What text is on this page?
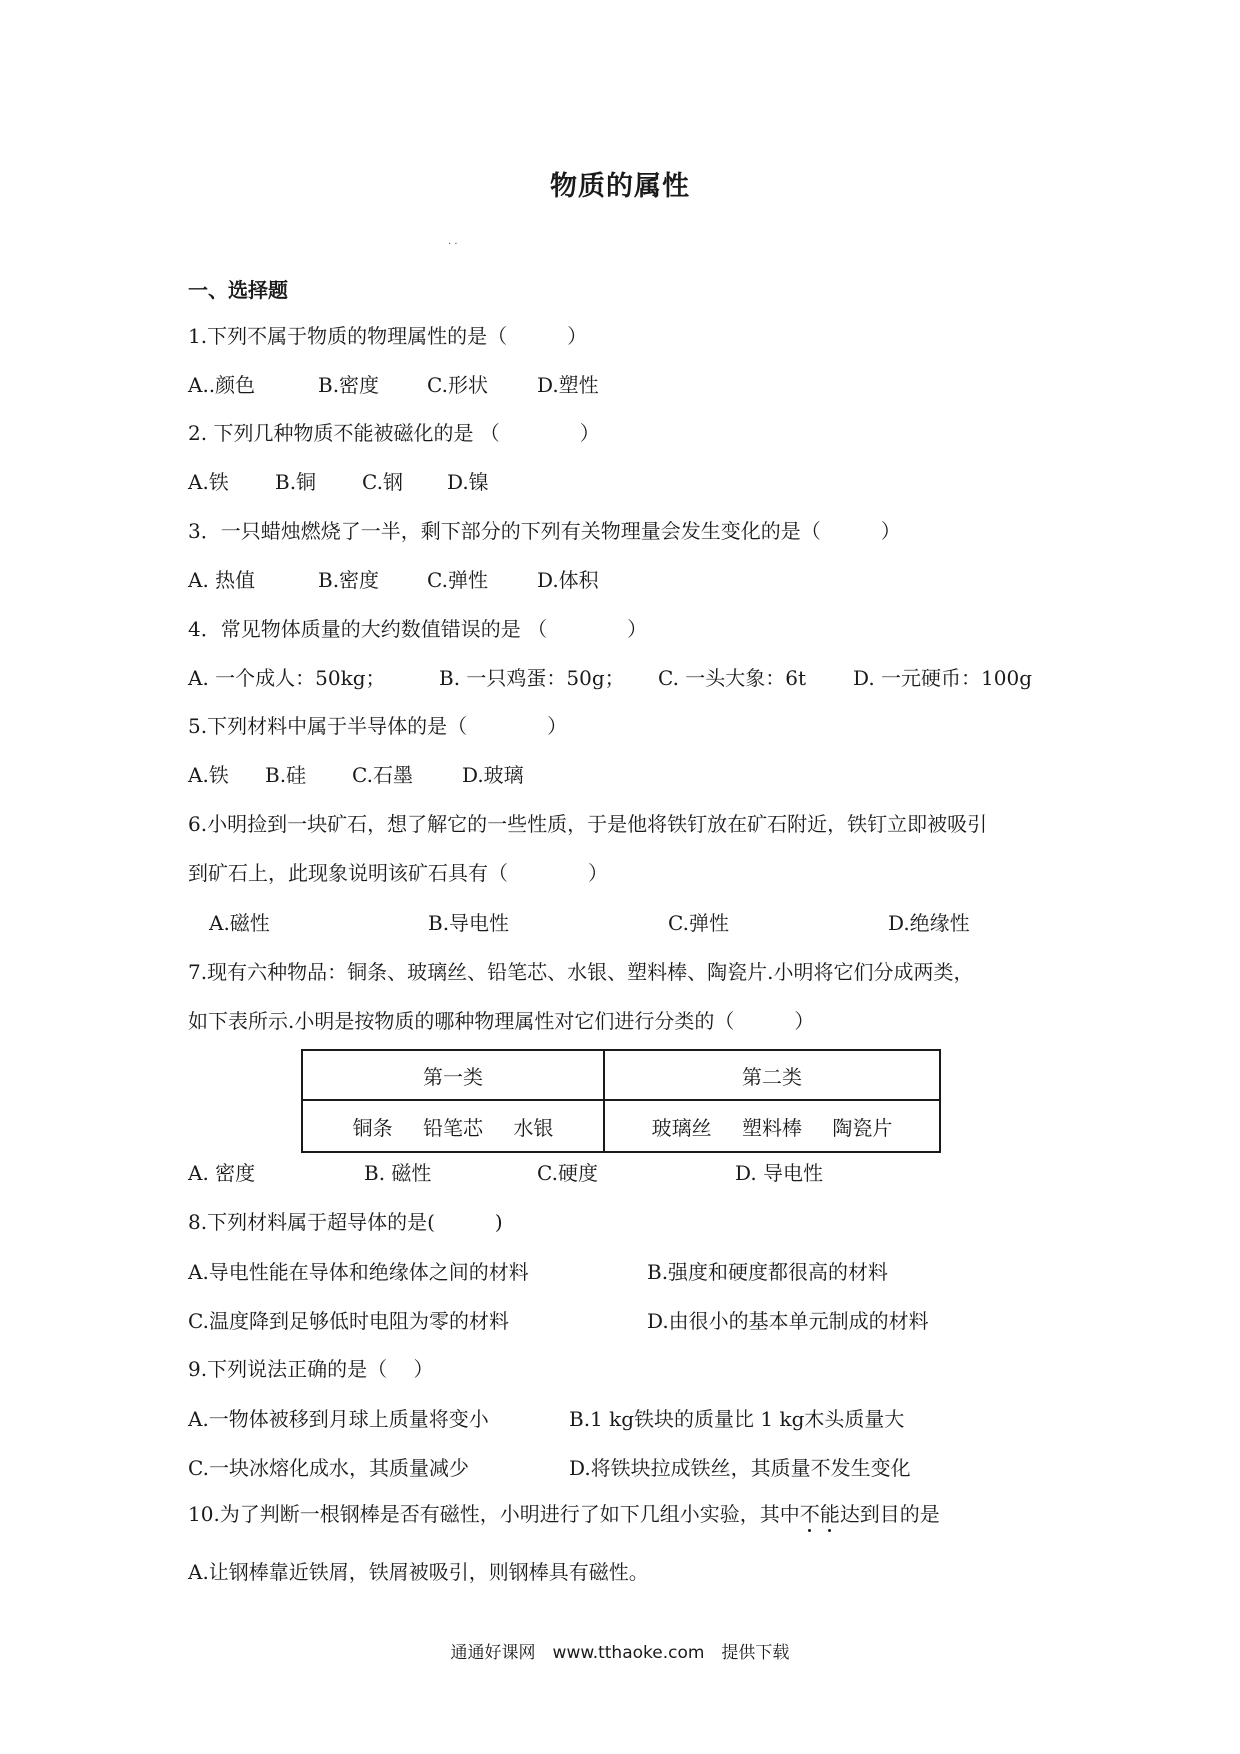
物质的属性
. .
一、选择题
1.下列不属于物质的物理属性的是（　　　）
A..颜色	B.密度 C.形状 D.塑性
2. 下列几种物质不能被磁化的是 （　　　　）
A.铁 B.铜 C.钢 D.镍
3．一只蜡烛燃烧了一半，剩下部分的下列有关物理量会发生变化的是（　　　）
A. 热值	B.密度 C.弹性 D.体积
4．常见物体质量的大约数值错误的是 （　　　　）
A. 一个成人：50kg；	B. 一只鸡蛋：50g； C. 一头大象：6t D. 一元硬币：100g
5.下列材料中属于半导体的是（　　　　）
A.铁 B.硅 C.石墨 D.玻璃
6.小明捡到一块矿石，想了解它的一些性质，于是他将铁钉放在矿石附近，铁钉立即被吸引
到矿石上，此现象说明该矿石具有（　　　　）
A.磁性	B.导电性	C.弹性	D.绝缘性
7.现有六种物品：铜条、玻璃丝、铅笔芯、水银、塑料棒、陶瓷片.小明将它们分成两类，
如下表所示.小明是按物质的哪种物理属性对它们进行分类的（　　　）
第一类	第二类
铜条 铅笔芯 水银	玻璃丝 塑料棒 陶瓷片
A. 密度	B. 磁性	C.硬度	D. 导电性
8.下列材料属于超导体的是(　　　)
A.导电性能在导体和绝缘体之间的材料	B.强度和硬度都很高的材料
C.温度降到足够低时电阻为零的材料	D.由很小的基本单元制成的材料
9.下列说法正确的是（　 ）
A.一物体被移到月球上质量将变小	B.1 kg铁块的质量比 1 kg木头质量大
C.一块冰熔化成水，其质量减少	D.将铁块拉成铁丝，其质量不发生变化
10.为了判断一根钢棒是否有磁性，小明进行了如下几组小实验，其中不能达到目的是
A.让钢棒靠近铁屑，铁屑被吸引，则钢棒具有磁性。
通通好课网　www.tthaoke.com　提供下载
